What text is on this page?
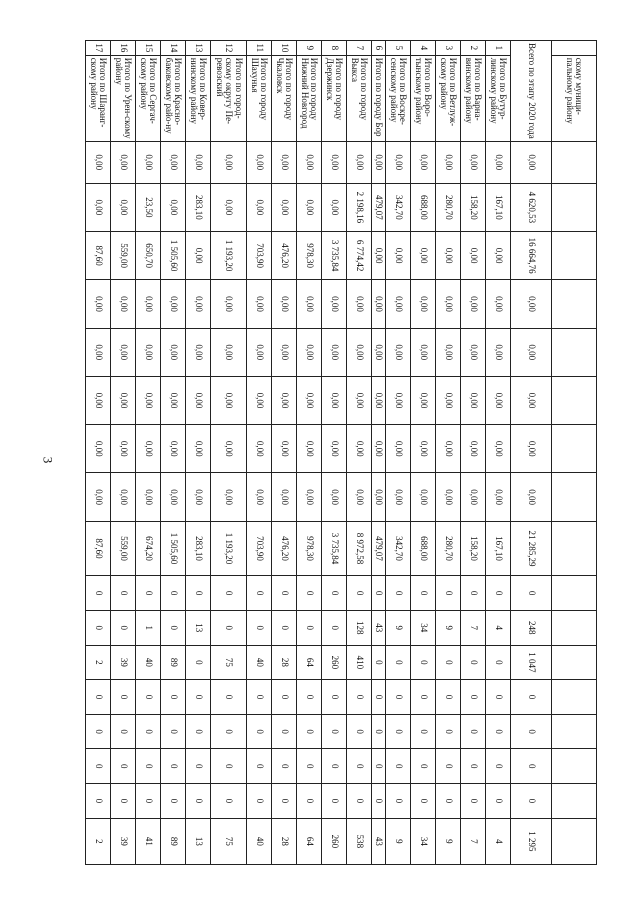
3
	скому муници-пальному району																	
Всего по этапу 2020 года		0,00	4 620,53	16 664,76	0,00	0,00	0,00	0,00	0,00	21 285,29	0	248	1 047	0	0	0	0	1 295
1	Итого по Бутур-линскому району	0,00	167,10	0,00	0,00	0,00	0,00	0,00	0,00	167,10	0	4	0	0	0	0	0	4
2	Итого по Варна-винскому району	0,00	158,20	0,00	0,00	0,00	0,00	0,00	0,00	158,20	0	7	0	0	0	0	0	7
3	Итого по Ветлуж-скому району	0,00	280,70	0,00	0,00	0,00	0,00	0,00	0,00	280,70	0	9	0	0	0	0	0	9
4	Итого по Воро-тынскому району	0,00	688,00	0,00	0,00	0,00	0,00	0,00	0,00	688,00	0	34	0	0	0	0	0	34
5	Итого по Воскре-сенскому району	0,00	342,70	0,00	0,00	0,00	0,00	0,00	0,00	342,70	0	9	0	0	0	0	0	9
6	Итого по городу Бор	0,00	479,07	0,00	0,00	0,00	0,00	0,00	0,00	479,07	0	43	0	0	0	0	0	43
7	Итого по городу Выкса	0,00	2 198,16	6 774,42	0,00	0,00	0,00	0,00	0,00	8 972,58	0	128	410	0	0	0	0	538
8	Итого по городу Дзержинск	0,00	0,00	3 735,84	0,00	0,00	0,00	0,00	0,00	3 735,84	0	0	260	0	0	0	0	260
9	Итого по городу Нижний Новгород	0,00	0,00	978,30	0,00	0,00	0,00	0,00	0,00	978,30	0	0	64	0	0	0	0	64
10	Итого по городу Чкаловск	0,00	0,00	476,20	0,00	0,00	0,00	0,00	0,00	476,20	0	0	28	0	0	0	0	28
11	Итого по городу Шахунья	0,00	0,00	703,90	0,00	0,00	0,00	0,00	0,00	703,90	0	0	40	0	0	0	0	40
12	Итого по город-скому округу Пе-ревозский	0,00	0,00	1 193,20	0,00	0,00	0,00	0,00	0,00	1 193,20	0	0	75	0	0	0	0	75
13	Итого по Ковер-нинскому району	0,00	283,10	0,00	0,00	0,00	0,00	0,00	0,00	283,10	0	13	0	0	0	0	0	13
14	Итого по Красно-баковскому райо-ну	0,00	0,00	1 505,60	0,00	0,00	0,00	0,00	0,00	1 505,60	0	0	89	0	0	0	0	89
15	Итого по Сергач-скому району	0,00	23,50	650,70	0,00	0,00	0,00	0,00	0,00	674,20	0	1	40	0	0	0	0	41
16	Итого по Урен-скому району	0,00	0,00	559,00	0,00	0,00	0,00	0,00	0,00	559,00	0	0	39	0	0	0	0	39
17	Итого по Шаранг-скому району	0,00	0,00	87,60	0,00	0,00	0,00	0,00	0,00	87,60	0	0	2	0	0	0	0	2
